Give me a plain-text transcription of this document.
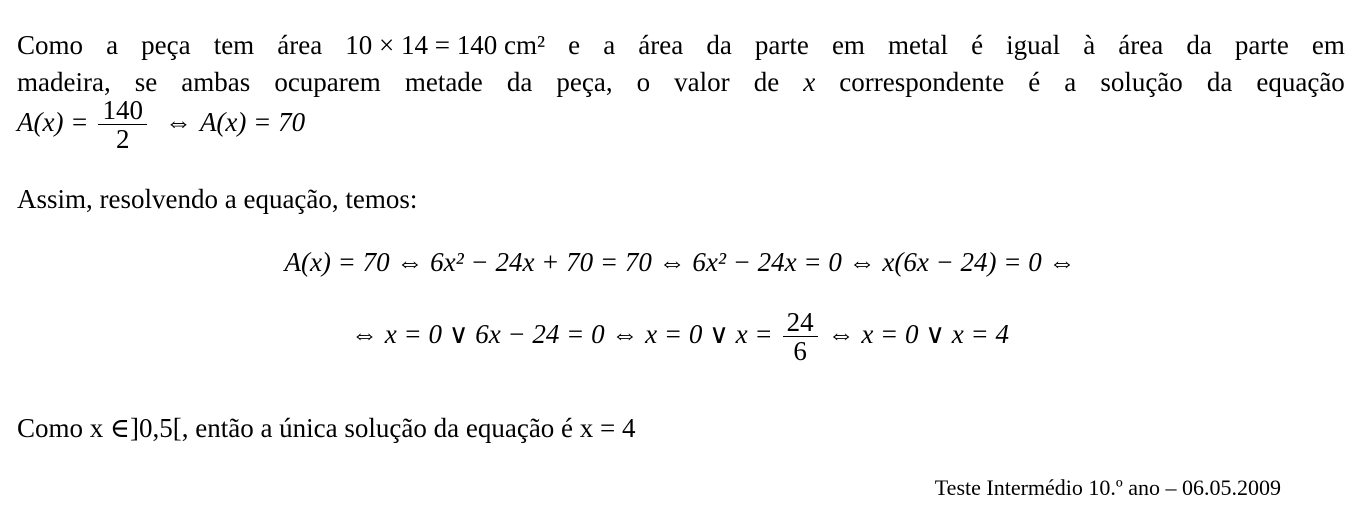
Como a peça tem área 10 × 14 = 140 cm² e a área da parte em metal é igual à área da parte em
madeira, se ambas ocuparem metade da peça, o valor de x correspondente é a solução da equação
$A(x) = \frac{140}{2}$ ⇔ A(x) = 70
Assim, resolvendo a equação, temos:
A(x) = 70 ⇔ 6x² − 24x + 70 = 70 ⇔ 6x² − 24x = 0 ⇔ x(6x − 24) = 0 ⇔
⇔ x = 0 ∨ 6x − 24 = 0 ⇔ x = 0 ∨ $x = \frac{24}{6}$ ⇔ x = 0 ∨ x = 4
Como x ∈]0,5[, então a única solução da equação é x = 4
Teste Intermédio 10.º ano – 06.05.2009
